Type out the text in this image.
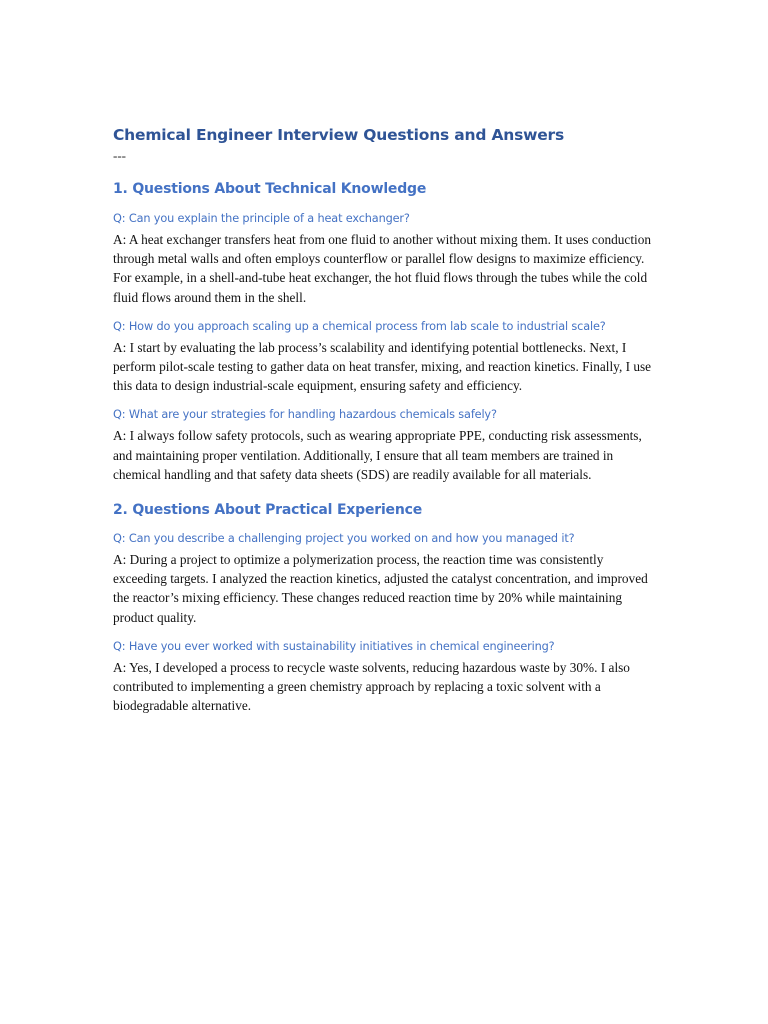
Chemical Engineer Interview Questions and Answers
---
1. Questions About Technical Knowledge

Q: Can you explain the principle of a heat exchanger?

A: A heat exchanger transfers heat from one fluid to another without mixing them. It uses conduction through metal walls and often employs counterflow or parallel flow designs to maximize efficiency. For example, in a shell-and-tube heat exchanger, the hot fluid flows through the tubes while the cold fluid flows around them in the shell.

Q: How do you approach scaling up a chemical process from lab scale to industrial scale?

A: I start by evaluating the lab process’s scalability and identifying potential bottlenecks. Next, I perform pilot-scale testing to gather data on heat transfer, mixing, and reaction kinetics. Finally, I use this data to design industrial-scale equipment, ensuring safety and efficiency.

Q: What are your strategies for handling hazardous chemicals safely?

A: I always follow safety protocols, such as wearing appropriate PPE, conducting risk assessments, and maintaining proper ventilation. Additionally, I ensure that all team members are trained in chemical handling and that safety data sheets (SDS) are readily available for all materials.

2. Questions About Practical Experience

Q: Can you describe a challenging project you worked on and how you managed it?

A: During a project to optimize a polymerization process, the reaction time was consistently exceeding targets. I analyzed the reaction kinetics, adjusted the catalyst concentration, and improved the reactor’s mixing efficiency. These changes reduced reaction time by 20% while maintaining product quality.

Q: Have you ever worked with sustainability initiatives in chemical engineering?

A: Yes, I developed a process to recycle waste solvents, reducing hazardous waste by 30%. I also contributed to implementing a green chemistry approach by replacing a toxic solvent with a biodegradable alternative.
